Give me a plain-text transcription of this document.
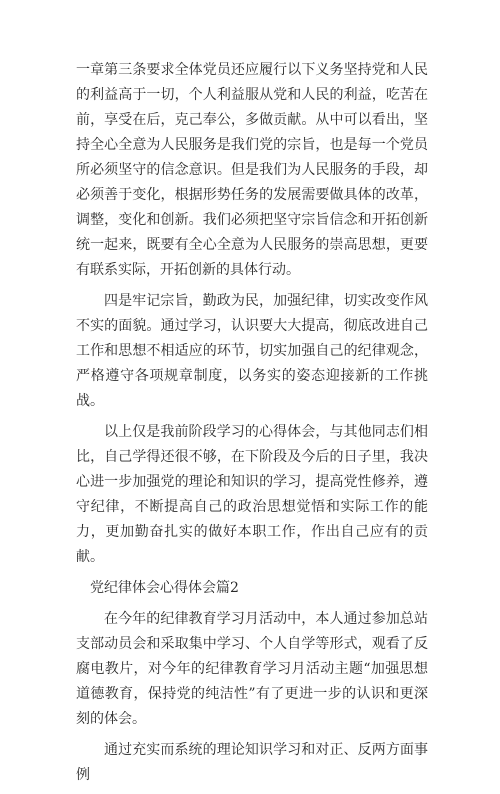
一章第三条要求全体党员还应履行以下义务坚持党和人民的利益高于一切，个人利益服从党和人民的利益，吃苦在前，享受在后，克己奉公，多做贡献。从中可以看出，坚持全心全意为人民服务是我们党的宗旨，也是每一个党员所必须坚守的信念意识。但是我们为人民服务的手段，却必须善于变化，根据形势任务的发展需要做具体的改革，调整，变化和创新。我们必须把坚守宗旨信念和开拓创新统一起来，既要有全心全意为人民服务的崇高思想，更要有联系实际，开拓创新的具体行动。

四是牢记宗旨，勤政为民，加强纪律，切实改变作风不实的面貌。通过学习，认识要大大提高，彻底改进自己工作和思想不相适应的环节，切实加强自己的纪律观念，严格遵守各项规章制度，以务实的姿态迎接新的工作挑战。

以上仅是我前阶段学习的心得体会，与其他同志们相比，自己学得还很不够，在下阶段及今后的日子里，我决心进一步加强党的理论和知识的学习，提高党性修养，遵守纪律，不断提高自己的政治思想觉悟和实际工作的能力，更加勤奋扎实的做好本职工作，作出自己应有的贡献。

党纪律体会心得体会篇2

在今年的纪律教育学习月活动中，本人通过参加总站支部动员会和采取集中学习、个人自学等形式，观看了反腐电教片，对今年的纪律教育学习月活动主题“加强思想道德教育，保持党的纯洁性”有了更进一步的认识和更深刻的体会。

通过充实而系统的理论知识学习和对正、反两方面事例
